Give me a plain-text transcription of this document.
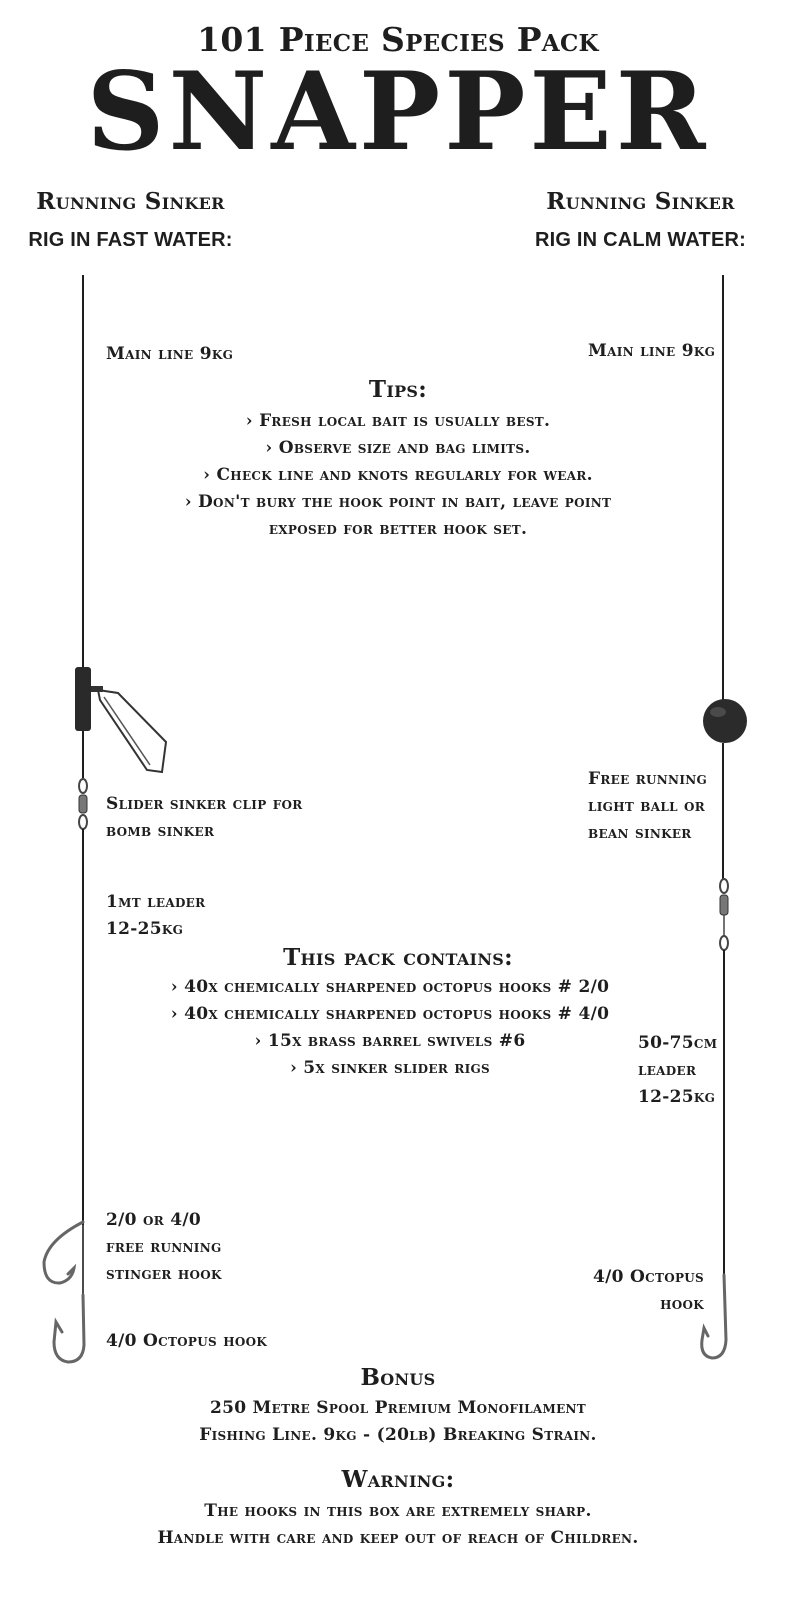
101 Piece Species Pack
SNAPPER
Running Sinker
RIG IN FAST WATER:
Running Sinker
RIG IN CALM WATER:
Main line 9kg
Slider sinker clip for
bomb sinker
1mt leader
12-25kg
2/0 or 4/0
free running
stinger hook
4/0 Octopus hook
Main line 9kg
Free running
light ball or
bean sinker
50-75cm
leader
12-25kg
4/0 Octopus
hook
Tips:
› Fresh local bait is usually best.
› Observe size and bag limits.
› Check line and knots regularly for wear.
› Don't bury the hook point in bait, leave point
exposed for better hook set.
This pack contains:
› 40x chemically sharpened octopus hooks # 2/0
› 40x chemically sharpened octopus hooks # 4/0
› 15x brass barrel swivels #6
› 5x sinker slider rigs
Bonus
250 Metre Spool Premium Monofilament
Fishing Line. 9kg - (20lb) Breaking Strain.
Warning:
The hooks in this box are extremely sharp.
Handle with care and keep out of reach of Children.
